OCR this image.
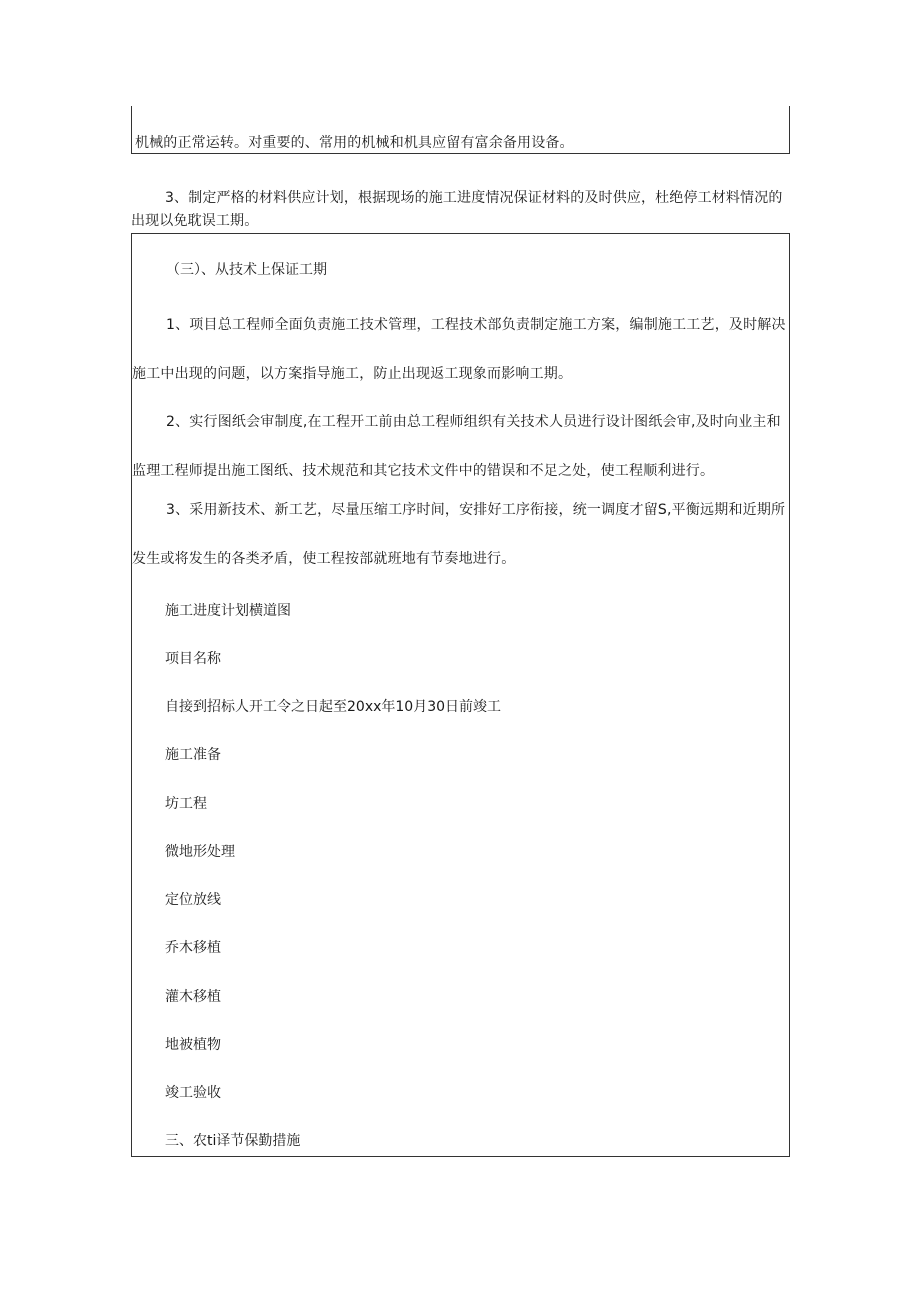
机械的正常运转。对重要的、常用的机械和机具应留有富余备用设备。

3、制定严格的材料供应计划，根据现场的施工进度情况保证材料的及时供应，杜绝停工材料情况的出现以免耽误工期。

（三）、从技术上保证工期

1、项目总工程师全面负责施工技术管理，工程技术部负责制定施工方案，编制施工工艺，及时解决施工中出现的问题，以方案指导施工，防止出现返工现象而影响工期。

2、实行图纸会审制度,在工程开工前由总工程师组织有关技术人员进行设计图纸会审,及时向业主和监理工程师提出施工图纸、技术规范和其它技术文件中的错误和不足之处，使工程顺利进行。

3、采用新技术、新工艺，尽量压缩工序时间，安排好工序衔接，统一调度才留S,平衡远期和近期所发生或将发生的各类矛盾，使工程按部就班地有节奏地进行。

施工进度计划横道图

项目名称

自接到招标人开工令之日起至20xx年10月30日前竣工

施工准备

坊工程

微地形处理

定位放线

乔木移植

灌木移植

地被植物

竣工验收

三、农ti译节保勤措施
